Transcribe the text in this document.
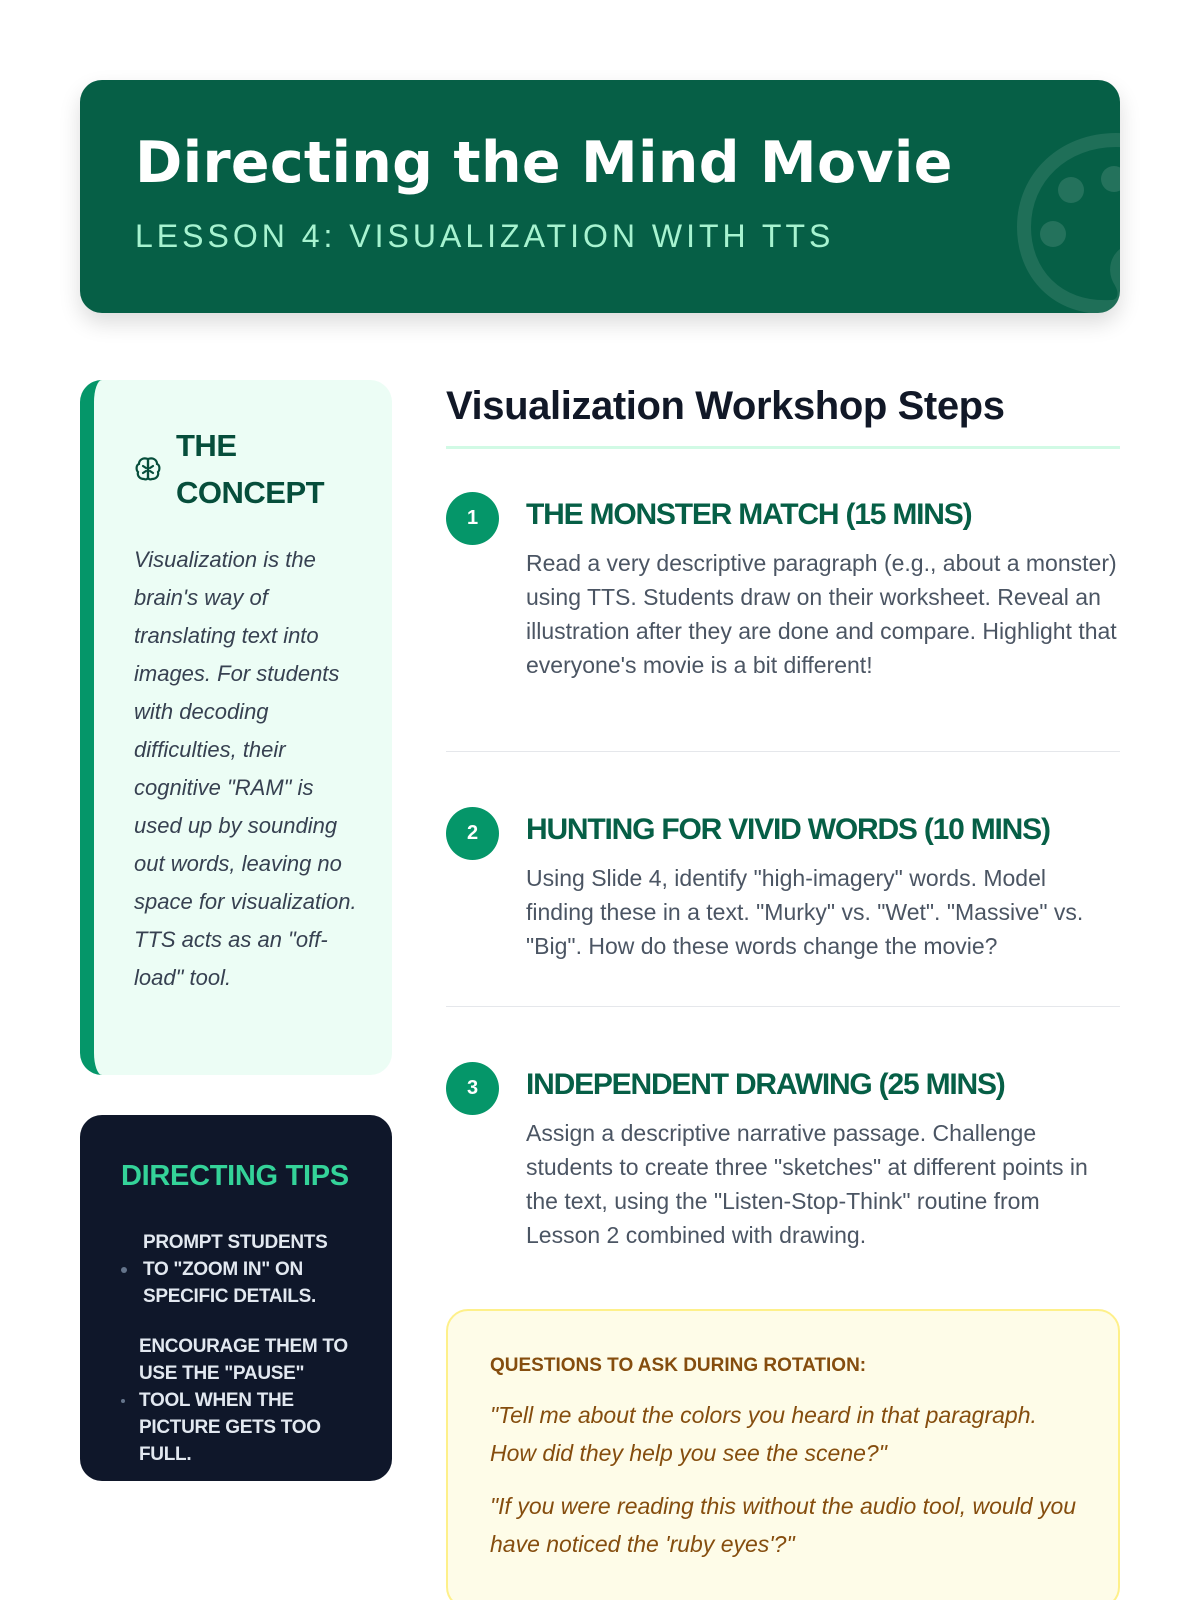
Directing the Mind Movie
LESSON 4: VISUALIZATION WITH TTS
THE CONCEPT

Visualization is the brain's way of translating text into images. For students with decoding difficulties, their cognitive "RAM" is used up by sounding out words, leaving no space for visualization. TTS acts as an "off-load" tool.

DIRECTING TIPS
PROMPT STUDENTS TO "ZOOM IN" ON SPECIFIC DETAILS.
ENCOURAGE THEM TO USE THE "PAUSE" TOOL WHEN THE PICTURE GETS TOO FULL.
Visualization Workshop Steps
1	THE MONSTER MATCH (15 MINS)
Read a very descriptive paragraph (e.g., about a monster) using TTS. Students draw on their worksheet. Reveal an illustration after they are done and compare. Highlight that everyone's movie is a bit different!
2	HUNTING FOR VIVID WORDS (10 MINS)
Using Slide 4, identify "high-imagery" words. Model finding these in a text. "Murky" vs. "Wet". "Massive" vs. "Big". How do these words change the movie?
3	INDEPENDENT DRAWING (25 MINS)
Assign a descriptive narrative passage. Challenge students to create three "sketches" at different points in the text, using the "Listen-Stop-Think" routine from Lesson 2 combined with drawing.
QUESTIONS TO ASK DURING ROTATION:

"Tell me about the colors you heard in that paragraph. How did they help you see the scene?"

"If you were reading this without the audio tool, would you have noticed the 'ruby eyes'?"
